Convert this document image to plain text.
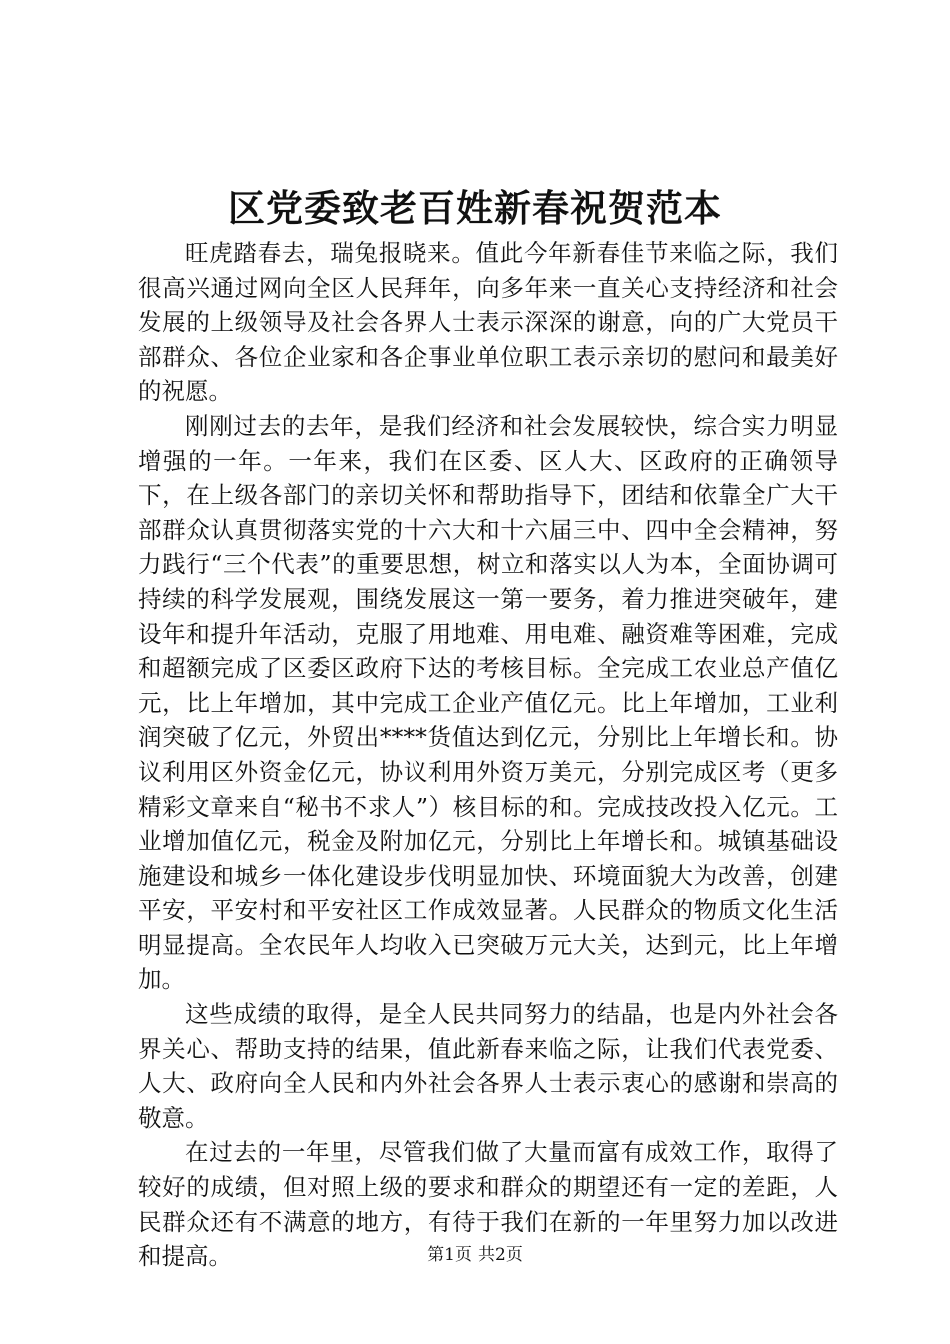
区党委致老百姓新春祝贺范本

旺虎踏春去，瑞兔报晓来。值此今年新春佳节来临之际，我们很高兴通过网向全区人民拜年，向多年来一直关心支持经济和社会发展的上级领导及社会各界人士表示深深的谢意，向的广大党员干部群众、各位企业家和各企事业单位职工表示亲切的慰问和最美好的祝愿。

刚刚过去的去年，是我们经济和社会发展较快，综合实力明显增强的一年。一年来，我们在区委、区人大、区政府的正确领导下，在上级各部门的亲切关怀和帮助指导下，团结和依靠全广大干部群众认真贯彻落实党的十六大和十六届三中、四中全会精神，努力践行“三个代表”的重要思想，树立和落实以人为本，全面协调可持续的科学发展观，围绕发展这一第一要务，着力推进突破年，建设年和提升年活动，克服了用地难、用电难、融资难等困难，完成和超额完成了区委区政府下达的考核目标。全完成工农业总产值亿元，比上年增加，其中完成工企业产值亿元。比上年增加，工业利润突破了亿元，外贸出****货值达到亿元，分别比上年增长和。协议利用区外资金亿元，协议利用外资万美元，分别完成区考（更多精彩文章来自“秘书不求人”）核目标的和。完成技改投入亿元。工业增加值亿元，税金及附加亿元，分别比上年增长和。城镇基础设施建设和城乡一体化建设步伐明显加快、环境面貌大为改善，创建平安，平安村和平安社区工作成效显著。人民群众的物质文化生活明显提高。全农民年人均收入已突破万元大关，达到元，比上年增加。

这些成绩的取得，是全人民共同努力的结晶，也是内外社会各界关心、帮助支持的结果，值此新春来临之际，让我们代表党委、人大、政府向全人民和内外社会各界人士表示衷心的感谢和崇高的敬意。

在过去的一年里，尽管我们做了大量而富有成效工作，取得了较好的成绩，但对照上级的要求和群众的期望还有一定的差距，人民群众还有不满意的地方，有待于我们在新的一年里努力加以改进和提高。	第1页 共2页
